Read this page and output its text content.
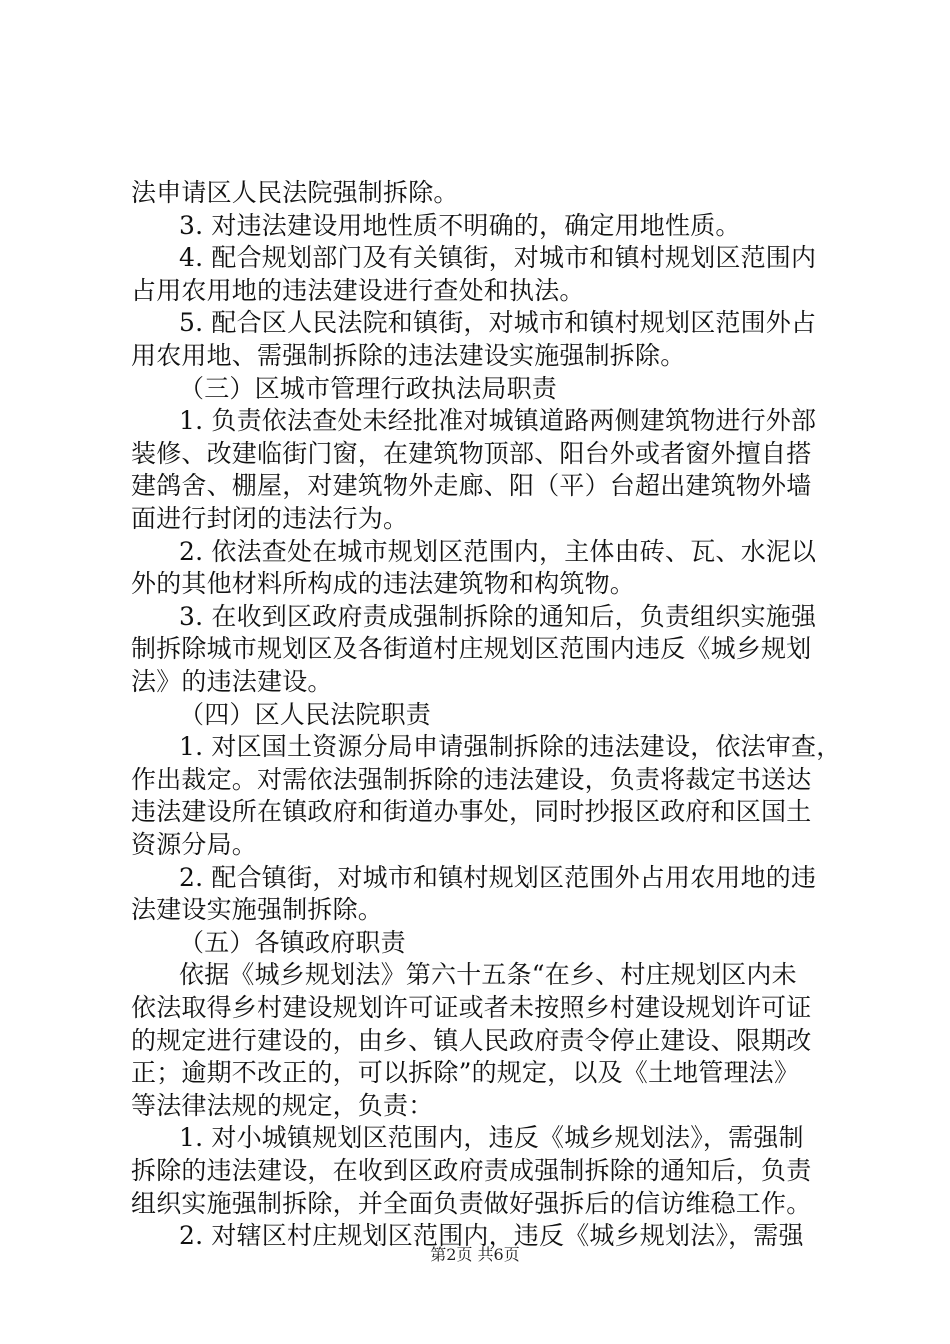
法申请区人民法院强制拆除。
3. 对违法建设用地性质不明确的，确定用地性质。
4. 配合规划部门及有关镇街，对城市和镇村规划区范围内
占用农用地的违法建设进行查处和执法。
5. 配合区人民法院和镇街，对城市和镇村规划区范围外占
用农用地、需强制拆除的违法建设实施强制拆除。
（三）区城市管理行政执法局职责
1. 负责依法查处未经批准对城镇道路两侧建筑物进行外部
装修、改建临街门窗，在建筑物顶部、阳台外或者窗外擅自搭
建鸽舍、棚屋，对建筑物外走廊、阳（平）台超出建筑物外墙
面进行封闭的违法行为。
2. 依法查处在城市规划区范围内，主体由砖、瓦、水泥以
外的其他材料所构成的违法建筑物和构筑物。
3. 在收到区政府责成强制拆除的通知后，负责组织实施强
制拆除城市规划区及各街道村庄规划区范围内违反《城乡规划
法》的违法建设。
（四）区人民法院职责
1. 对区国土资源分局申请强制拆除的违法建设，依法审查，
作出裁定。对需依法强制拆除的违法建设，负责将裁定书送达
违法建设所在镇政府和街道办事处，同时抄报区政府和区国土
资源分局。
2. 配合镇街，对城市和镇村规划区范围外占用农用地的违
法建设实施强制拆除。
（五）各镇政府职责
依据《城乡规划法》第六十五条“在乡、村庄规划区内未
依法取得乡村建设规划许可证或者未按照乡村建设规划许可证
的规定进行建设的，由乡、镇人民政府责令停止建设、限期改
正；逾期不改正的，可以拆除”的规定，以及《土地管理法》
等法律法规的规定，负责：
1. 对小城镇规划区范围内，违反《城乡规划法》，需强制
拆除的违法建设，在收到区政府责成强制拆除的通知后，负责
组织实施强制拆除，并全面负责做好强拆后的信访维稳工作。
2. 对辖区村庄规划区范围内，违反《城乡规划法》，需强
第2页 共6页
